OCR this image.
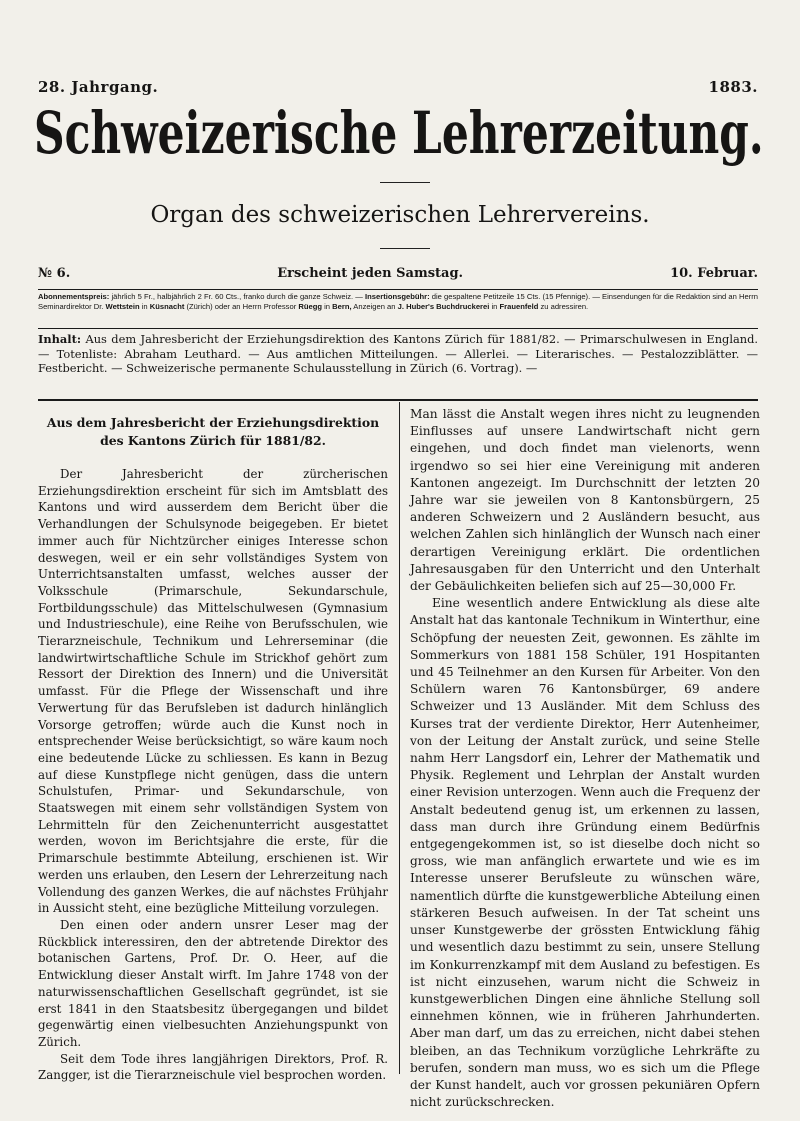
28. Jahrgang.	1883.
Schweizerische Lehrerzeitung.
Organ des schweizerischen Lehrervereins.
№ 6.	Erscheint jeden Samstag.	10. Februar.

Abonnementspreis: jährlich 5 Fr., halbjährlich 2 Fr. 60 Cts., franko durch die ganze Schweiz. — Insertionsgebühr: die gespaltene Petitzeile 15 Cts. (15 Pfennige). — Einsendungen für die Redaktion sind an Herrn Seminardirektor Dr. Wettstein in Küsnacht (Zürich) oder an Herrn Professor Rüegg in Bern, Anzeigen an J. Huber's Buchdruckerei in Frauenfeld zu adressiren.

Inhalt: Aus dem Jahresbericht der Erziehungsdirektion des Kantons Zürich für 1881/82. — Primarschulwesen in England. — Totenliste: Abraham Leuthard. — Aus amtlichen Mitteilungen. — Allerlei. — Literarisches. — Pestalozziblätter. — Festbericht. — Schweizerische permanente Schulausstellung in Zürich (6. Vortrag). —

Aus dem Jahresbericht der Erziehungsdirektion
des Kantons Zürich für 1881/82.

Der Jahresbericht der zürcherischen Erziehungsdirektion erscheint für sich im Amtsblatt des Kantons und wird ausserdem dem Bericht über die Verhandlungen der Schulsynode beigegeben. Er bietet immer auch für Nichtzürcher einiges Interesse schon deswegen, weil er ein sehr vollständiges System von Unterrichtsanstalten umfasst, welches ausser der Volksschule (Primarschule, Sekundarschule, Fortbildungsschule) das Mittelschulwesen (Gymnasium und Industrieschule), eine Reihe von Berufsschulen, wie Tierarzneischule, Technikum und Lehrerseminar (die landwirtwirtschaftliche Schule im Strickhof gehört zum Ressort der Direktion des Innern) und die Universität umfasst. Für die Pflege der Wissenschaft und ihre Verwertung für das Berufsleben ist dadurch hinlänglich Vorsorge getroffen; würde auch die Kunst noch in entsprechender Weise berücksichtigt, so wäre kaum noch eine bedeutende Lücke zu schliessen. Es kann in Bezug auf diese Kunstpflege nicht genügen, dass die untern Schulstufen, Primar- und Sekundarschule, von Staatswegen mit einem sehr vollständigen System von Lehrmitteln für den Zeichenunterricht ausgestattet werden, wovon im Berichtsjahre die erste, für die Primarschule bestimmte Abteilung, erschienen ist. Wir werden uns erlauben, den Lesern der Lehrerzeitung nach Vollendung des ganzen Werkes, die auf nächstes Frühjahr in Aussicht steht, eine bezügliche Mitteilung vorzulegen.

Den einen oder andern unsrer Leser mag der Rückblick interessiren, den der abtretende Direktor des botanischen Gartens, Prof. Dr. O. Heer, auf die Entwicklung dieser Anstalt wirft. Im Jahre 1748 von der naturwissenschaftlichen Gesellschaft gegründet, ist sie erst 1841 in den Staatsbesitz übergegangen und bildet gegenwärtig einen vielbesuchten Anziehungspunkt von Zürich.

Seit dem Tode ihres langjährigen Direktors, Prof. R. Zangger, ist die Tierarzneischule viel besprochen worden.

Man lässt die Anstalt wegen ihres nicht zu leugnenden Einflusses auf unsere Landwirtschaft nicht gern eingehen, und doch findet man vielenorts, wenn irgendwo so sei hier eine Vereinigung mit anderen Kantonen angezeigt. Im Durchschnitt der letzten 20 Jahre war sie jeweilen von 8 Kantonsbürgern, 25 anderen Schweizern und 2 Ausländern besucht, aus welchen Zahlen sich hinlänglich der Wunsch nach einer derartigen Vereinigung erklärt. Die ordentlichen Jahresausgaben für den Unterricht und den Unterhalt der Gebäulichkeiten beliefen sich auf 25—30,000 Fr.

Eine wesentlich andere Entwicklung als diese alte Anstalt hat das kantonale Technikum in Winterthur, eine Schöpfung der neuesten Zeit, gewonnen. Es zählte im Sommerkurs von 1881 158 Schüler, 191 Hospitanten und 45 Teilnehmer an den Kursen für Arbeiter. Von den Schülern waren 76 Kantonsbürger, 69 andere Schweizer und 13 Ausländer. Mit dem Schluss des Kurses trat der verdiente Direktor, Herr Autenheimer, von der Leitung der Anstalt zurück, und seine Stelle nahm Herr Langsdorf ein, Lehrer der Mathematik und Physik. Reglement und Lehrplan der Anstalt wurden einer Revision unterzogen. Wenn auch die Frequenz der Anstalt bedeutend genug ist, um erkennen zu lassen, dass man durch ihre Gründung einem Bedürfnis entgegengekommen ist, so ist dieselbe doch nicht so gross, wie man anfänglich erwartete und wie es im Interesse unserer Berufsleute zu wünschen wäre, namentlich dürfte die kunstgewerbliche Abteilung einen stärkeren Besuch aufweisen. In der Tat scheint uns unser Kunstgewerbe der grössten Entwicklung fähig und wesentlich dazu bestimmt zu sein, unsere Stellung im Konkurrenzkampf mit dem Ausland zu befestigen. Es ist nicht einzusehen, warum nicht die Schweiz in kunstgewerblichen Dingen eine ähnliche Stellung soll einnehmen können, wie in früheren Jahrhunderten. Aber man darf, um das zu erreichen, nicht dabei stehen bleiben, an das Technikum vorzügliche Lehrkräfte zu berufen, sondern man muss, wo es sich um die Pflege der Kunst handelt, auch vor grossen pekuniären Opfern nicht zurückschrecken.
